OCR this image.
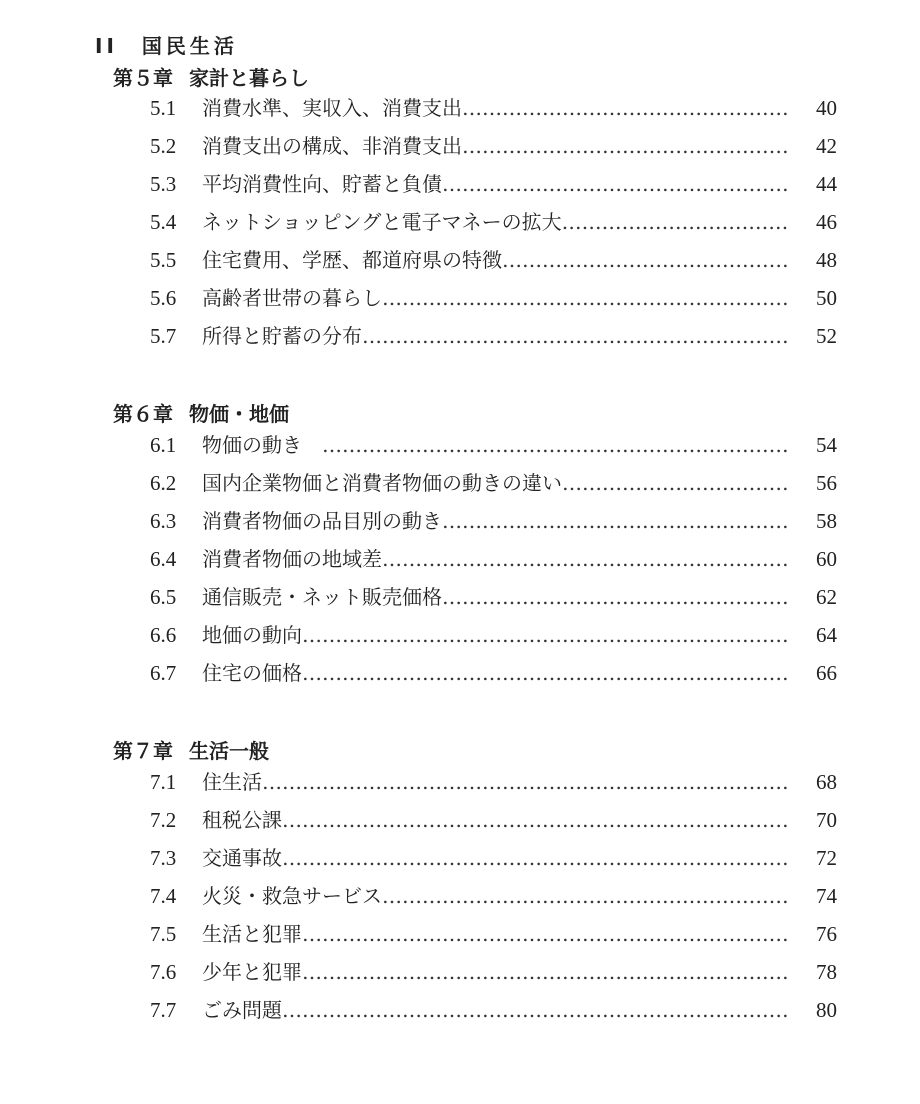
II　国民生活
第５章 家計と暮らし
5.1	消費水準、実収入、消費支出 …………………………………………………………………………………………	40
5.2	消費支出の構成、非消費支出 …………………………………………………………………………………………	42
5.3	平均消費性向、貯蓄と負債 …………………………………………………………………………………………	44
5.4	ネットショッピングと電子マネーの拡大 …………………………………………………………………………………………	46
5.5	住宅費用、学歴、都道府県の特徴 …………………………………………………………………………………………	48
5.6	高齢者世帯の暮らし …………………………………………………………………………………………	50
5.7	所得と貯蓄の分布 …………………………………………………………………………………………	52
第６章 物価・地価
6.1	物価の動き　 …………………………………………………………………………………………	54
6.2	国内企業物価と消費者物価の動きの違い …………………………………………………………………………………………	56
6.3	消費者物価の品目別の動き …………………………………………………………………………………………	58
6.4	消費者物価の地域差 …………………………………………………………………………………………	60
6.5	通信販売・ネット販売価格 …………………………………………………………………………………………	62
6.6	地価の動向 …………………………………………………………………………………………	64
6.7	住宅の価格 …………………………………………………………………………………………	66
第７章 生活一般
7.1	住生活 …………………………………………………………………………………………	68
7.2	租税公課 …………………………………………………………………………………………	70
7.3	交通事故 …………………………………………………………………………………………	72
7.4	火災・救急サービス …………………………………………………………………………………………	74
7.5	生活と犯罪 …………………………………………………………………………………………	76
7.6	少年と犯罪 …………………………………………………………………………………………	78
7.7	ごみ問題 …………………………………………………………………………………………	80
